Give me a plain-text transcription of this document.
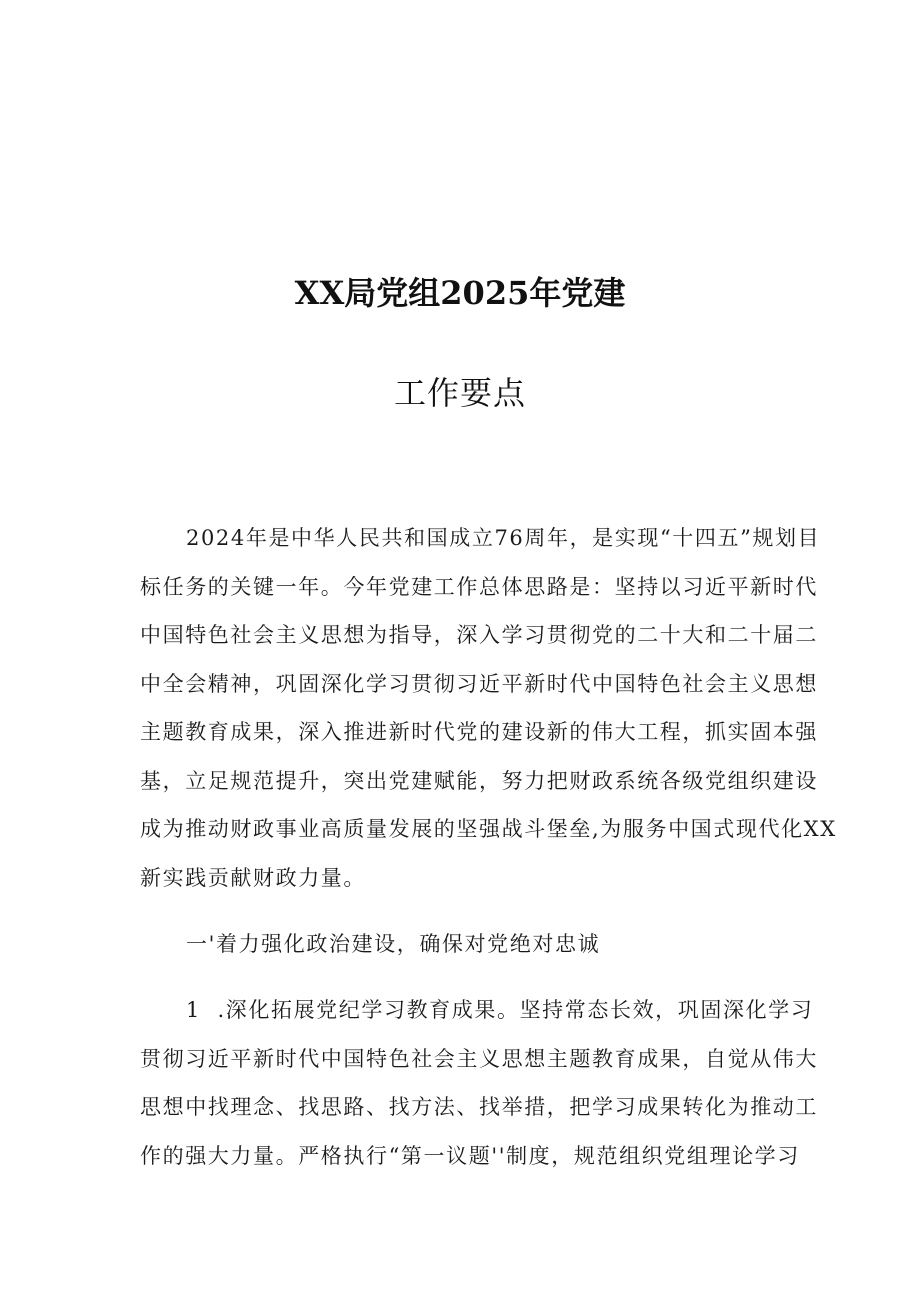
XX局党组2025年党建
工作要点
2024年是中华人民共和国成立76周年，是实现“十四五”规划目
标任务的关键一年。今年党建工作总体思路是：坚持以习近平新时代
中国特色社会主义思想为指导，深入学习贯彻党的二十大和二十届二
中全会精神，巩固深化学习贯彻习近平新时代中国特色社会主义思想
主题教育成果，深入推进新时代党的建设新的伟大工程，抓实固本强
基，立足规范提升，突出党建赋能，努力把财政系统各级党组织建设
成为推动财政事业高质量发展的坚强战斗堡垒,为服务中国式现代化XX
新实践贡献财政力量。
一'着力强化政治建设，确保对党绝对忠诚
1  .深化拓展党纪学习教育成果。坚持常态长效，巩固深化学习
贯彻习近平新时代中国特色社会主义思想主题教育成果，自觉从伟大
思想中找理念、找思路、找方法、找举措，把学习成果转化为推动工
作的强大力量。严格执行“第一议题''制度，规范组织党组理论学习
